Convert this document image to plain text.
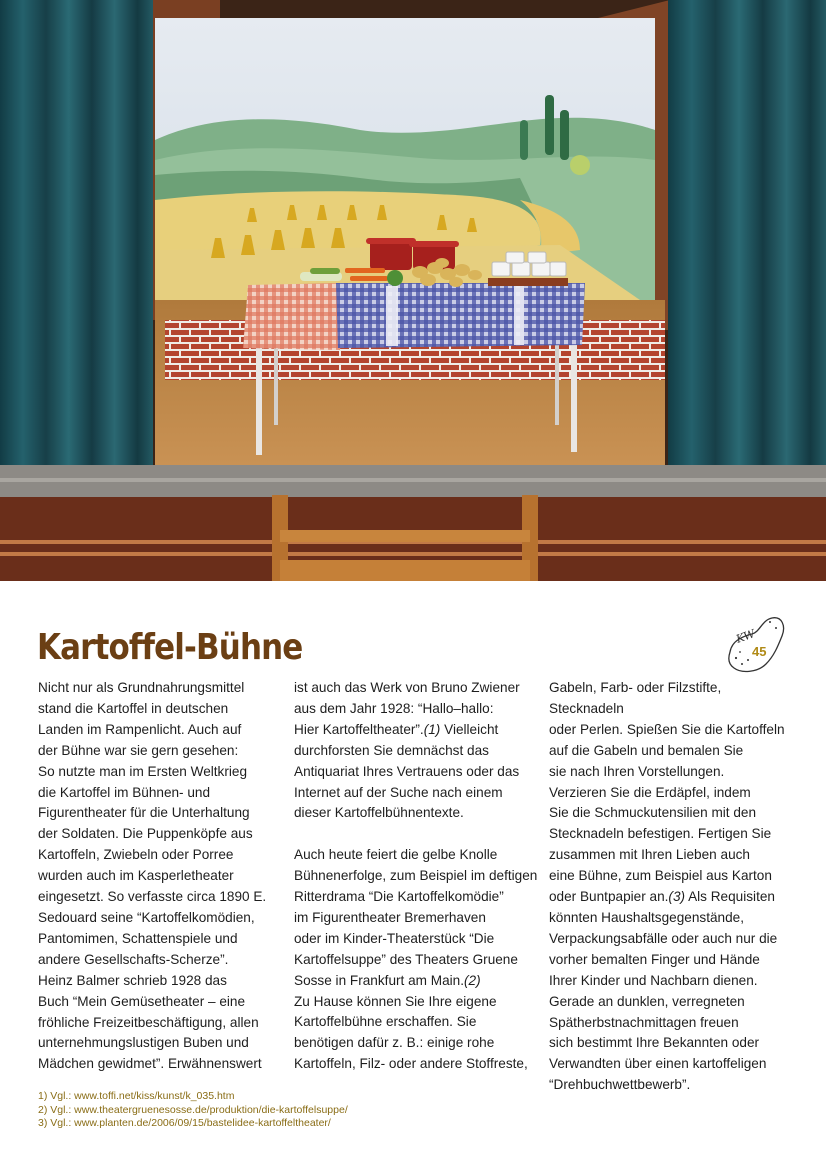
Kartoffel-Bühne	KW
45

Nicht nur als Grundnahrungsmittel

stand die Kartoffel in deutschen

Landen im Rampenlicht. Auch auf

der Bühne war sie gern gesehen:

So nutzte man im Ersten Weltkrieg

die Kartoffel im Bühnen- und

Figurentheater für die Unterhaltung

der Soldaten. Die Puppenköpfe aus

Kartoffeln, Zwiebeln oder Porree

wurden auch im Kasperletheater

eingesetzt. So verfasste circa 1890 E.

Sedouard seine “Kartoffelkomödien,

Pantomimen, Schattenspiele und

andere Gesellschafts-Scherze”.

Heinz Balmer schrieb 1928 das

Buch “Mein Gemüsetheater – eine

fröhliche Freizeitbeschäftigung, allen

unternehmungslustigen Buben und

Mädchen gewidmet”. Erwähnenswert

ist auch das Werk von Bruno Zwiener

aus dem Jahr 1928: “Hallo–hallo:

Hier Kartoffeltheater”.(1) Vielleicht

durchforsten Sie demnächst das

Antiquariat Ihres Vertrauens oder das

Internet auf der Suche nach einem

dieser Kartoffelbühnentexte.

Auch heute feiert die gelbe Knolle

Bühnenerfolge, zum Beispiel im deftigen

Ritterdrama “Die Kartoffelkomödie”

im Figurentheater Bremerhaven

oder im Kinder-Theaterstück “Die

Kartoffelsuppe” des Theaters Gruene

Sosse in Frankfurt am Main.(2)

Zu Hause können Sie Ihre eigene

Kartoffelbühne erschaffen. Sie

benötigen dafür z. B.: einige rohe

Kartoffeln, Filz- oder andere Stoffreste,

Gabeln, Farb- oder Filzstifte, Stecknadeln

oder Perlen. Spießen Sie die Kartoffeln

auf die Gabeln und bemalen Sie

sie nach Ihren Vorstellungen.

Verzieren Sie die Erdäpfel, indem

Sie die Schmuckutensilien mit den

Stecknadeln befestigen. Fertigen Sie

zusammen mit Ihren Lieben auch

eine Bühne, zum Beispiel aus Karton

oder Buntpapier an.(3) Als Requisiten

könnten Haushaltsgegenstände,

Verpackungsabfälle oder auch nur die

vorher bemalten Finger und Hände

Ihrer Kinder und Nachbarn dienen.

Gerade an dunklen, verregneten

Spätherbstnachmittagen freuen

sich bestimmt Ihre Bekannten oder

Verwandten über einen kartoffeligen

“Drehbuchwettbewerb”.

1) Vgl.: www.toffi.net/kiss/kunst/k_035.htm
2) Vgl.: www.theatergruenesosse.de/produktion/die-kartoffelsuppe/
3) Vgl.: www.planten.de/2006/09/15/bastelidee-kartoffeltheater/
